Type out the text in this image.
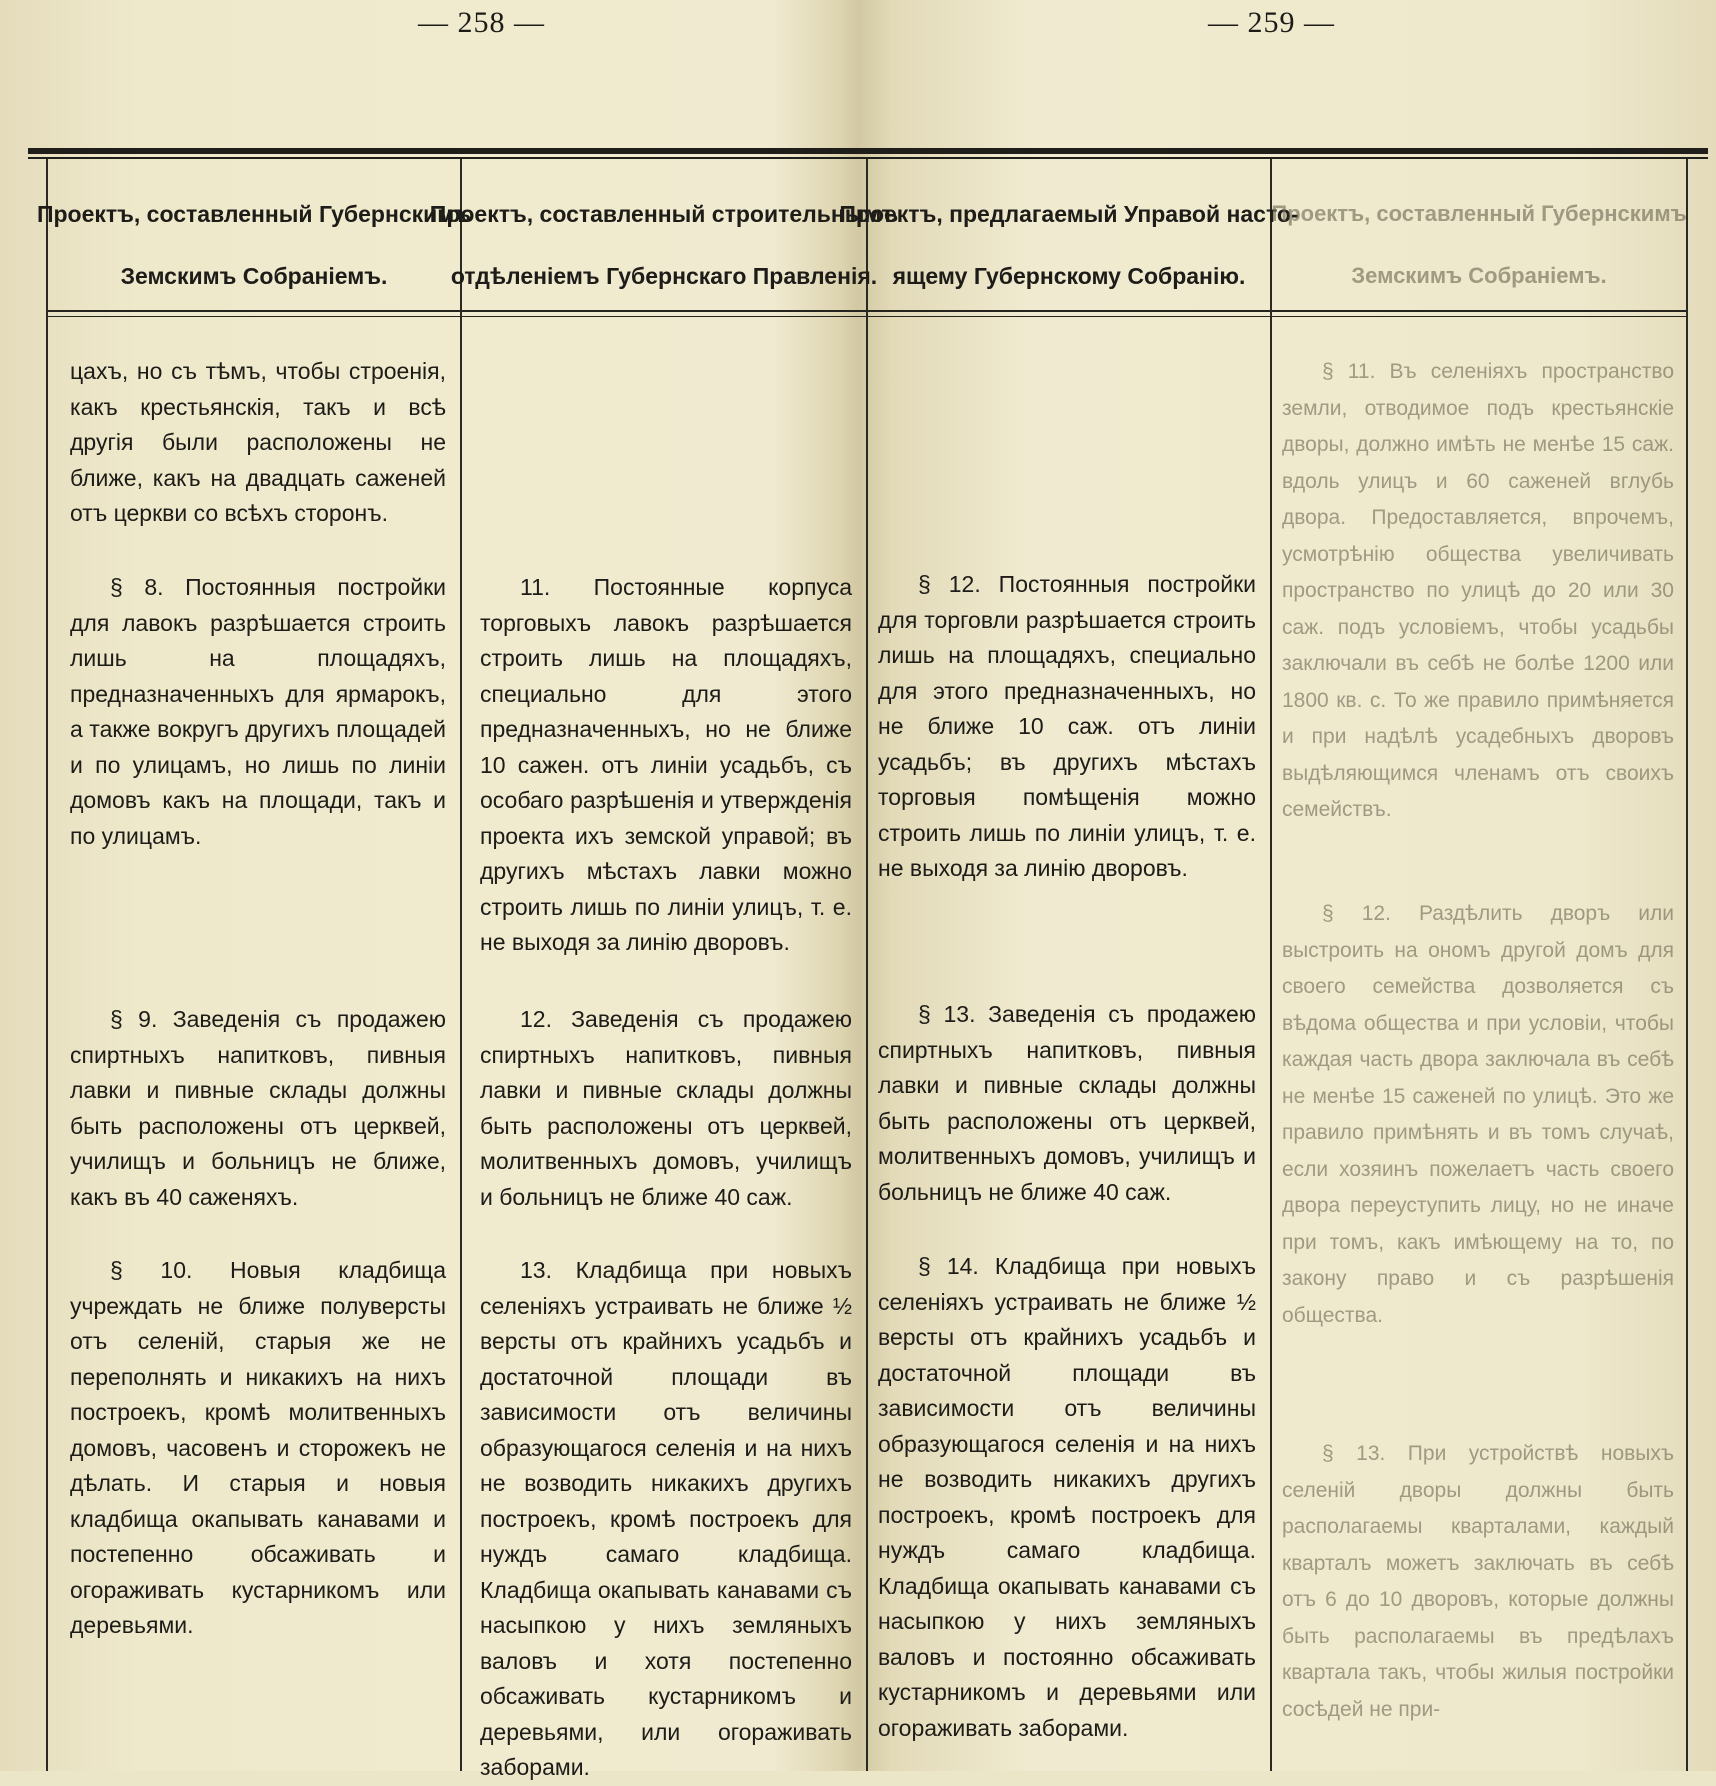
— 258 —	— 259 —
Проектъ, составленный Губернскимъ
Земскимъ Собраніемъ.

цахъ, но съ тѣмъ, чтобы строенія, какъ крестьянскія, такъ и всѣ другія были расположены не ближе, какъ на двадцать саженей отъ церкви со всѣхъ сторонъ.

§ 8. Постоянныя постройки для лавокъ разрѣшается строить лишь на площадяхъ, предназначенныхъ для ярмарокъ, а также вокругъ другихъ площадей и по улицамъ, но лишь по линіи домовъ какъ на площади, такъ и по улицамъ.

§ 9. Заведенія съ продажею спиртныхъ напитковъ, пивныя лавки и пивные склады должны быть расположены отъ церквей, училищъ и больницъ не ближе, какъ въ 40 саженяхъ.

§ 10. Новыя кладбища учреждать не ближе полуверсты отъ селеній, старыя же не переполнять и никакихъ на нихъ построекъ, кромѣ молитвенныхъ домовъ, часовенъ и сторожекъ не дѣлать. И старыя и новыя кладбища окапывать канавами и постепенно обсаживать и огораживать кустарникомъ или деревьями.

Проектъ, составленный строительнымъ
отдѣленіемъ Губернскаго Правленія.

11. Постоянные корпуса торговыхъ лавокъ разрѣшается строить лишь на площадяхъ, специально для этого предназначенныхъ, но не ближе 10 сажен. отъ линіи усадьбъ, съ особаго разрѣшенія и утвержденія проекта ихъ земской управой; въ другихъ мѣстахъ лавки можно строить лишь по линіи улицъ, т. е. не выходя за линію дворовъ.

12. Заведенія съ продажею спиртныхъ напитковъ, пивныя лавки и пивные склады должны быть расположены отъ церквей, молитвенныхъ домовъ, училищъ и больницъ не ближе 40 саж.

13. Кладбища при новыхъ селеніяхъ устраивать не ближе ½ версты отъ крайнихъ усадьбъ и достаточной площади въ зависимости отъ величины образующагося селенія и на нихъ не возводить никакихъ другихъ построекъ, кромѣ построекъ для нуждъ самаго кладбища. Кладбища окапывать канавами съ насыпкою у нихъ земляныхъ валовъ и хотя постепенно обсаживать кустарникомъ и деревьями, или огораживать заборами.

Проектъ, предлагаемый Управой насто-
ящему Губернскому Собранію.

§ 12. Постоянныя постройки для торговли разрѣшается строить лишь на площадяхъ, специально для этого предназначенныхъ, но не ближе 10 саж. отъ линіи усадьбъ; въ другихъ мѣстахъ торговыя помѣщенія можно строить лишь по линіи улицъ, т. е. не выходя за линію дворовъ.

§ 13. Заведенія съ продажею спиртныхъ напитковъ, пивныя лавки и пивные склады должны быть расположены отъ церквей, молитвенныхъ домовъ, училищъ и больницъ не ближе 40 саж.

§ 14. Кладбища при новыхъ селеніяхъ устраивать не ближе ½ версты отъ крайнихъ усадьбъ и достаточной площади въ зависимости отъ величины образующагося селенія и на нихъ не возводить никакихъ другихъ построекъ, кромѣ построекъ для нуждъ самаго кладбища. Кладбища окапывать канавами съ насыпкою у нихъ земляныхъ валовъ и постоянно обсаживать кустарникомъ и деревьями или огораживать заборами.

Проектъ, составленный Губернскимъ
Земскимъ Собраніемъ.

§ 11. Въ селеніяхъ пространство земли, отводимое подъ крестьянскіе дворы, должно имѣть не менѣе 15 саж. вдоль улицъ и 60 саженей вглубь двора. Предоставляется, впрочемъ, усмотрѣнію общества увеличивать пространство по улицѣ до 20 или 30 саж. подъ условіемъ, чтобы усадьбы заключали въ себѣ не болѣе 1200 или 1800 кв. с. То же правило примѣняется и при надѣлѣ усадебныхъ дворовъ выдѣляющимся членамъ отъ своихъ семействъ.

§ 12. Раздѣлить дворъ или выстроить на ономъ другой домъ для своего семейства дозволяется съ вѣдома общества и при условіи, чтобы каждая часть двора заключала въ себѣ не менѣе 15 саженей по улицѣ. Это же правило примѣнять и въ томъ случаѣ, если хозяинъ пожелаетъ часть своего двора переуступить лицу, но не иначе при томъ, какъ имѣющему на то, по закону право и съ разрѣшенія общества.

§ 13. При устройствѣ новыхъ селеній дворы должны быть располагаемы кварталами, каждый кварталъ можетъ заключать въ себѣ отъ 6 до 10 дворовъ, которые должны быть располагаемы въ предѣлахъ квартала такъ, чтобы жилыя постройки сосѣдей не при-
